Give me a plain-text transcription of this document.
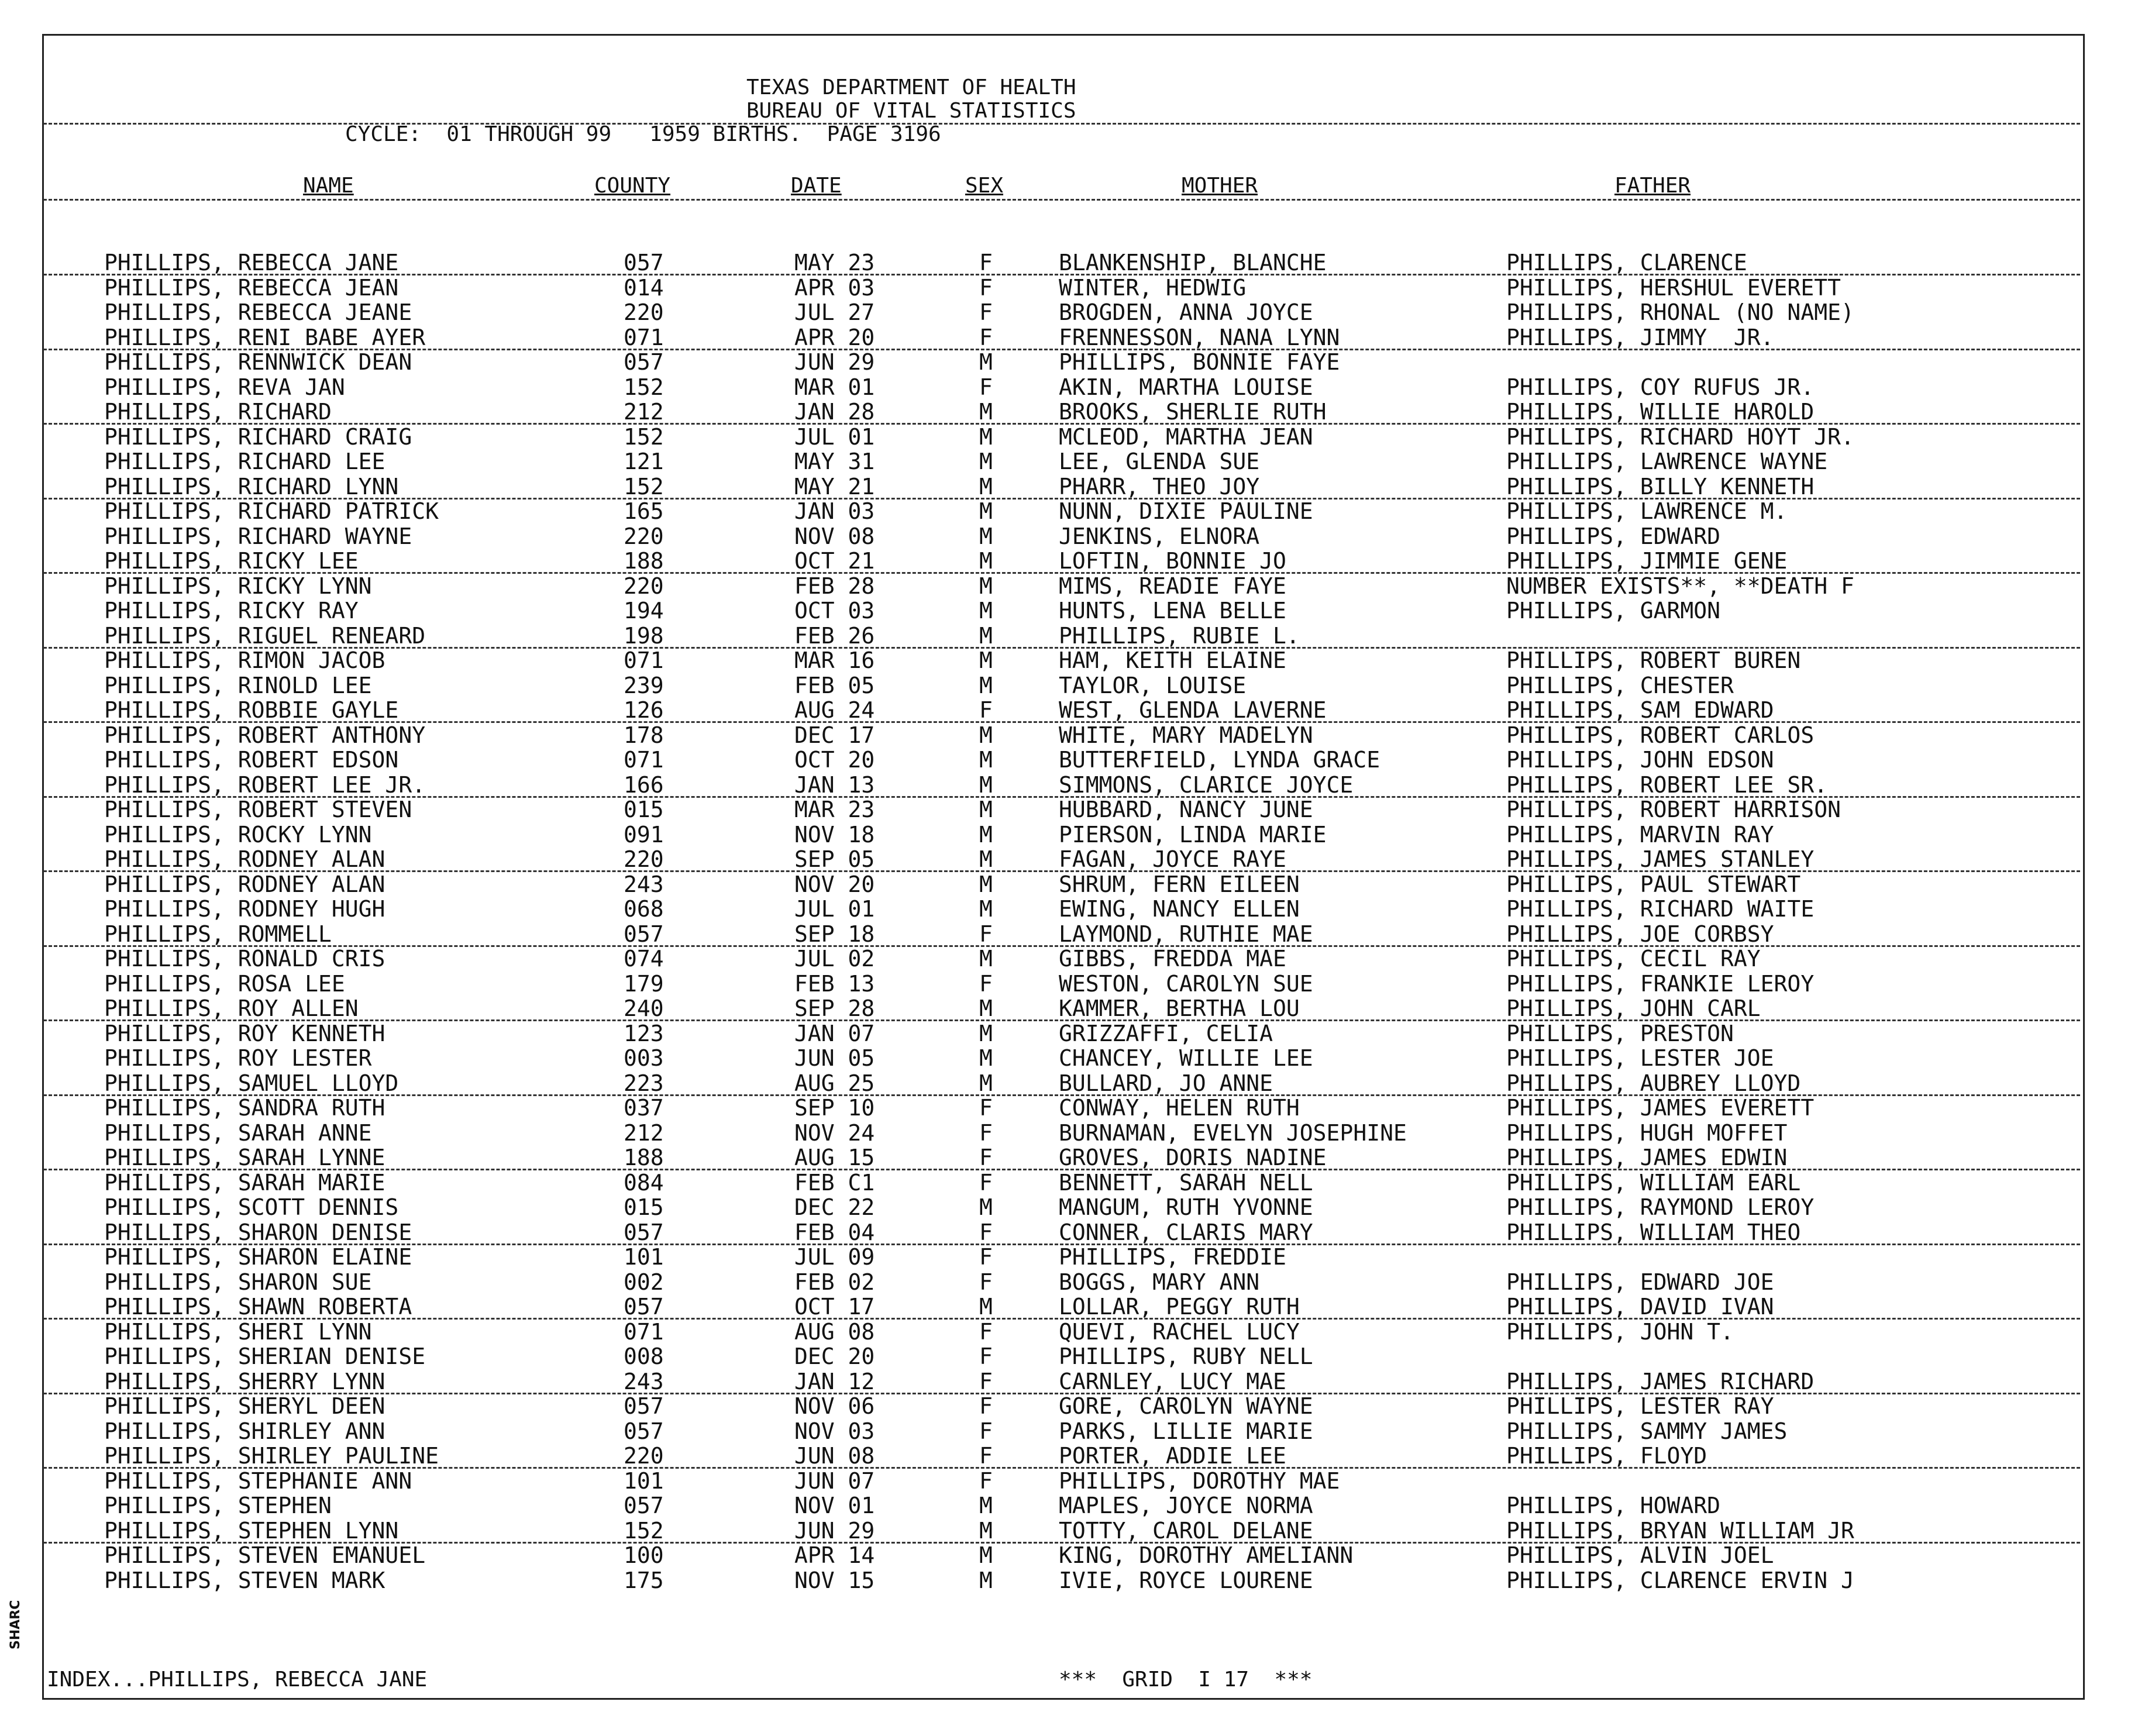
TEXAS DEPARTMENT OF HEALTH
BUREAU OF VITAL STATISTICS
CYCLE:  01 THROUGH 99   1959 BIRTHS.  PAGE 3196
NAME	COUNTY	DATE	SEX	MOTHER	FATHER
PHILLIPS, REBECCA JANE	057	MAY 23	F	BLANKENSHIP, BLANCHE	PHILLIPS, CLARENCE
PHILLIPS, REBECCA JEAN	014	APR 03	F	WINTER, HEDWIG	PHILLIPS, HERSHUL EVERETT
PHILLIPS, REBECCA JEANE	220	JUL 27	F	BROGDEN, ANNA JOYCE	PHILLIPS, RHONAL (NO NAME)
PHILLIPS, RENI BABE AYER	071	APR 20	F	FRENNESSON, NANA LYNN	PHILLIPS, JIMMY  JR.
PHILLIPS, RENNWICK DEAN	057	JUN 29	M	PHILLIPS, BONNIE FAYE
PHILLIPS, REVA JAN	152	MAR 01	F	AKIN, MARTHA LOUISE	PHILLIPS, COY RUFUS JR.
PHILLIPS, RICHARD	212	JAN 28	M	BROOKS, SHERLIE RUTH	PHILLIPS, WILLIE HAROLD
PHILLIPS, RICHARD CRAIG	152	JUL 01	M	MCLEOD, MARTHA JEAN	PHILLIPS, RICHARD HOYT JR.
PHILLIPS, RICHARD LEE	121	MAY 31	M	LEE, GLENDA SUE	PHILLIPS, LAWRENCE WAYNE
PHILLIPS, RICHARD LYNN	152	MAY 21	M	PHARR, THEO JOY	PHILLIPS, BILLY KENNETH
PHILLIPS, RICHARD PATRICK	165	JAN 03	M	NUNN, DIXIE PAULINE	PHILLIPS, LAWRENCE M.
PHILLIPS, RICHARD WAYNE	220	NOV 08	M	JENKINS, ELNORA	PHILLIPS, EDWARD
PHILLIPS, RICKY LEE	188	OCT 21	M	LOFTIN, BONNIE JO	PHILLIPS, JIMMIE GENE
PHILLIPS, RICKY LYNN	220	FEB 28	M	MIMS, READIE FAYE	NUMBER EXISTS**, **DEATH F
PHILLIPS, RICKY RAY	194	OCT 03	M	HUNTS, LENA BELLE	PHILLIPS, GARMON
PHILLIPS, RIGUEL RENEARD	198	FEB 26	M	PHILLIPS, RUBIE L.
PHILLIPS, RIMON JACOB	071	MAR 16	M	HAM, KEITH ELAINE	PHILLIPS, ROBERT BUREN
PHILLIPS, RINOLD LEE	239	FEB 05	M	TAYLOR, LOUISE	PHILLIPS, CHESTER
PHILLIPS, ROBBIE GAYLE	126	AUG 24	F	WEST, GLENDA LAVERNE	PHILLIPS, SAM EDWARD
PHILLIPS, ROBERT ANTHONY	178	DEC 17	M	WHITE, MARY MADELYN	PHILLIPS, ROBERT CARLOS
PHILLIPS, ROBERT EDSON	071	OCT 20	M	BUTTERFIELD, LYNDA GRACE	PHILLIPS, JOHN EDSON
PHILLIPS, ROBERT LEE JR.	166	JAN 13	M	SIMMONS, CLARICE JOYCE	PHILLIPS, ROBERT LEE SR.
PHILLIPS, ROBERT STEVEN	015	MAR 23	M	HUBBARD, NANCY JUNE	PHILLIPS, ROBERT HARRISON
PHILLIPS, ROCKY LYNN	091	NOV 18	M	PIERSON, LINDA MARIE	PHILLIPS, MARVIN RAY
PHILLIPS, RODNEY ALAN	220	SEP 05	M	FAGAN, JOYCE RAYE	PHILLIPS, JAMES STANLEY
PHILLIPS, RODNEY ALAN	243	NOV 20	M	SHRUM, FERN EILEEN	PHILLIPS, PAUL STEWART
PHILLIPS, RODNEY HUGH	068	JUL 01	M	EWING, NANCY ELLEN	PHILLIPS, RICHARD WAITE
PHILLIPS, ROMMELL	057	SEP 18	F	LAYMOND, RUTHIE MAE	PHILLIPS, JOE CORBSY
PHILLIPS, RONALD CRIS	074	JUL 02	M	GIBBS, FREDDA MAE	PHILLIPS, CECIL RAY
PHILLIPS, ROSA LEE	179	FEB 13	F	WESTON, CAROLYN SUE	PHILLIPS, FRANKIE LEROY
PHILLIPS, ROY ALLEN	240	SEP 28	M	KAMMER, BERTHA LOU	PHILLIPS, JOHN CARL
PHILLIPS, ROY KENNETH	123	JAN 07	M	GRIZZAFFI, CELIA	PHILLIPS, PRESTON
PHILLIPS, ROY LESTER	003	JUN 05	M	CHANCEY, WILLIE LEE	PHILLIPS, LESTER JOE
PHILLIPS, SAMUEL LLOYD	223	AUG 25	M	BULLARD, JO ANNE	PHILLIPS, AUBREY LLOYD
PHILLIPS, SANDRA RUTH	037	SEP 10	F	CONWAY, HELEN RUTH	PHILLIPS, JAMES EVERETT
PHILLIPS, SARAH ANNE	212	NOV 24	F	BURNAMAN, EVELYN JOSEPHINE	PHILLIPS, HUGH MOFFET
PHILLIPS, SARAH LYNNE	188	AUG 15	F	GROVES, DORIS NADINE	PHILLIPS, JAMES EDWIN
PHILLIPS, SARAH MARIE	084	FEB C1	F	BENNETT, SARAH NELL	PHILLIPS, WILLIAM EARL
PHILLIPS, SCOTT DENNIS	015	DEC 22	M	MANGUM, RUTH YVONNE	PHILLIPS, RAYMOND LEROY
PHILLIPS, SHARON DENISE	057	FEB 04	F	CONNER, CLARIS MARY	PHILLIPS, WILLIAM THEO
PHILLIPS, SHARON ELAINE	101	JUL 09	F	PHILLIPS, FREDDIE
PHILLIPS, SHARON SUE	002	FEB 02	F	BOGGS, MARY ANN	PHILLIPS, EDWARD JOE
PHILLIPS, SHAWN ROBERTA	057	OCT 17	M	LOLLAR, PEGGY RUTH	PHILLIPS, DAVID IVAN
PHILLIPS, SHERI LYNN	071	AUG 08	F	QUEVI, RACHEL LUCY	PHILLIPS, JOHN T.
PHILLIPS, SHERIAN DENISE	008	DEC 20	F	PHILLIPS, RUBY NELL
PHILLIPS, SHERRY LYNN	243	JAN 12	F	CARNLEY, LUCY MAE	PHILLIPS, JAMES RICHARD
PHILLIPS, SHERYL DEEN	057	NOV 06	F	GORE, CAROLYN WAYNE	PHILLIPS, LESTER RAY
PHILLIPS, SHIRLEY ANN	057	NOV 03	F	PARKS, LILLIE MARIE	PHILLIPS, SAMMY JAMES
PHILLIPS, SHIRLEY PAULINE	220	JUN 08	F	PORTER, ADDIE LEE	PHILLIPS, FLOYD
PHILLIPS, STEPHANIE ANN	101	JUN 07	F	PHILLIPS, DOROTHY MAE
PHILLIPS, STEPHEN	057	NOV 01	M	MAPLES, JOYCE NORMA	PHILLIPS, HOWARD
PHILLIPS, STEPHEN LYNN	152	JUN 29	M	TOTTY, CAROL DELANE	PHILLIPS, BRYAN WILLIAM JR
PHILLIPS, STEVEN EMANUEL	100	APR 14	M	KING, DOROTHY AMELIANN	PHILLIPS, ALVIN JOEL
PHILLIPS, STEVEN MARK	175	NOV 15	M	IVIE, ROYCE LOURENE	PHILLIPS, CLARENCE ERVIN J
INDEX...PHILLIPS, REBECCA JANE	***  GRID  I 17  ***
SHARC
